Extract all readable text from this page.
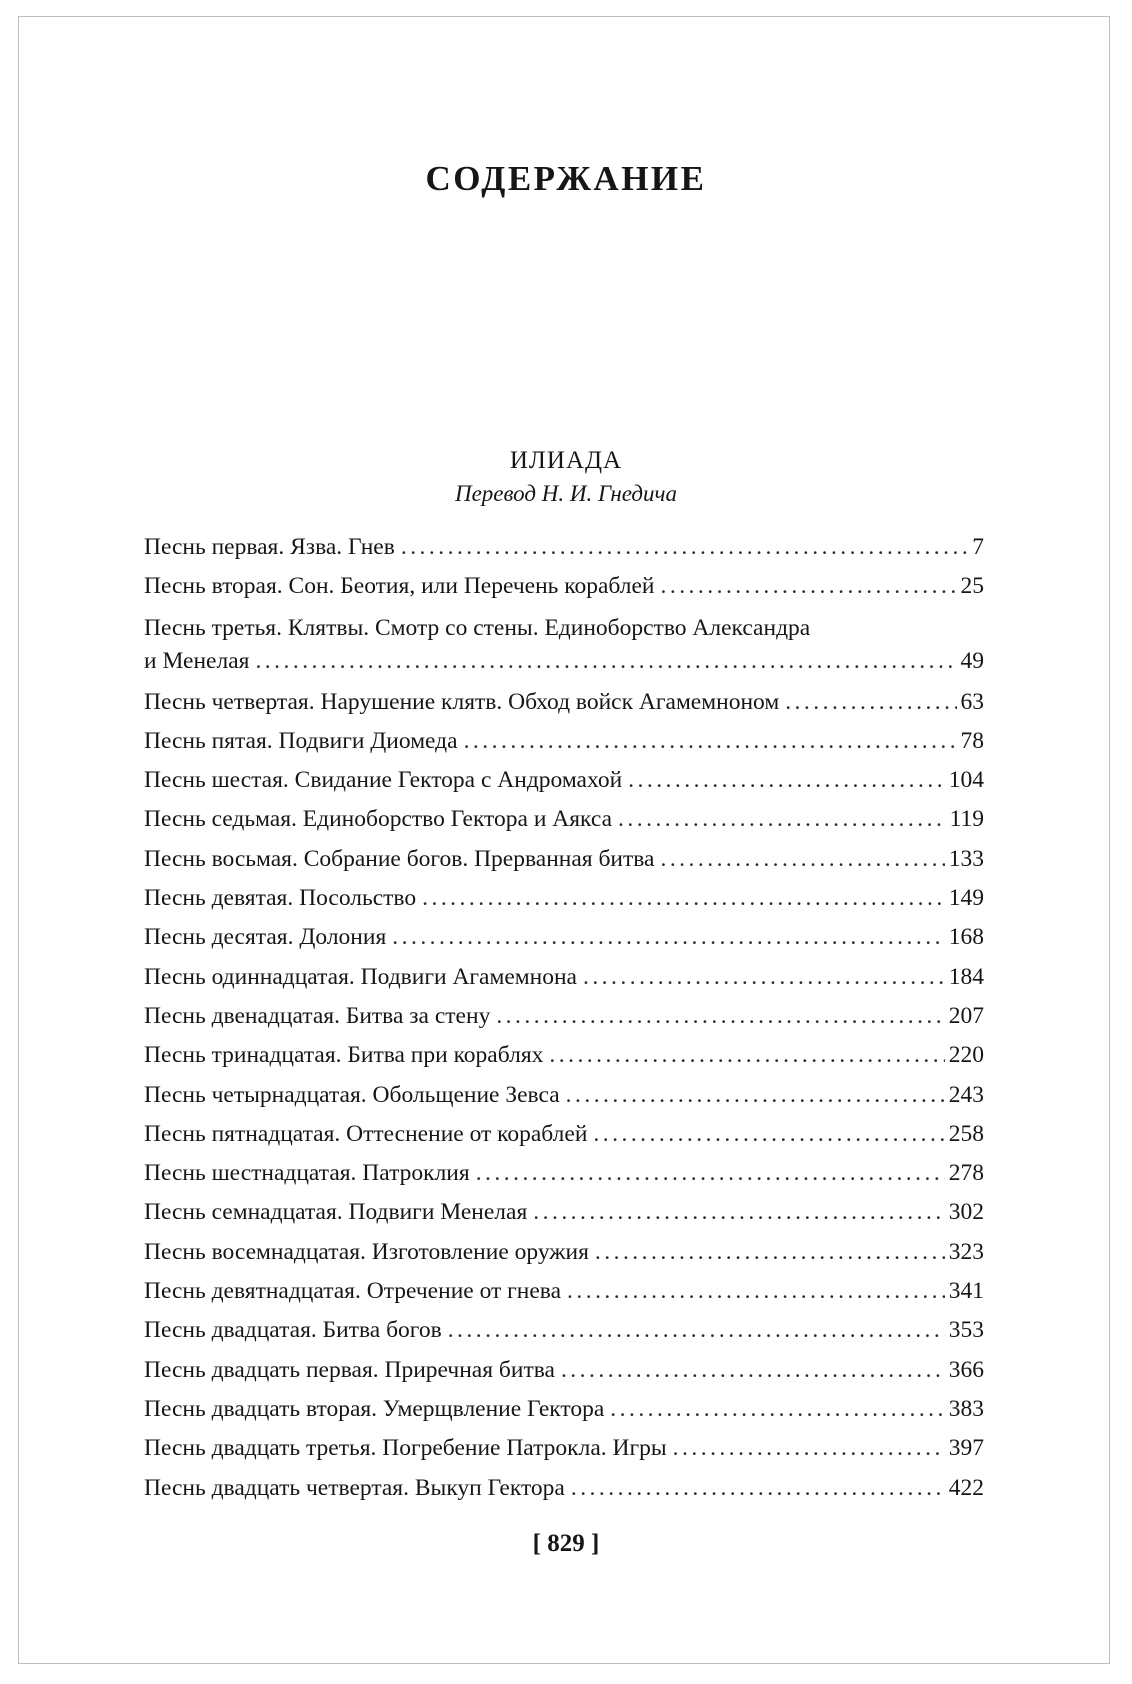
СОДЕРЖАНИЕ
ИЛИАДА
Перевод Н. И. Гнедича
Песнь первая. Язва. Гнев . . .	7
Песнь вторая. Сон. Беотия, или Перечень кораблей . . .	25
Песнь третья. Клятвы. Смотр со стены. Единоборство Александра
и Менелая . . .	49
Песнь четвертая. Нарушение клятв. Обход войск Агамемноном . . .	63
Песнь пятая. Подвиги Диомеда . . .	78
Песнь шестая. Свидание Гектора с Андромахой . . .	104
Песнь седьмая. Единоборство Гектора и Аякса . . .	119
Песнь восьмая. Собрание богов. Прерванная битва . . .	133
Песнь девятая. Посольство . . .	149
Песнь десятая. Долония . . .	168
Песнь одиннадцатая. Подвиги Агамемнона . . .	184
Песнь двенадцатая. Битва за стену . . .	207
Песнь тринадцатая. Битва при кораблях . . .	220
Песнь четырнадцатая. Обольщение Зевса . . .	243
Песнь пятнадцатая. Оттеснение от кораблей . . .	258
Песнь шестнадцатая. Патроклия . . .	278
Песнь семнадцатая. Подвиги Менелая . . .	302
Песнь восемнадцатая. Изготовление оружия . . .	323
Песнь девятнадцатая. Отречение от гнева . . .	341
Песнь двадцатая. Битва богов . . .	353
Песнь двадцать первая. Приречная битва . . .	366
Песнь двадцать вторая. Умерщвление Гектора . . .	383
Песнь двадцать третья. Погребение Патрокла. Игры . . .	397
Песнь двадцать четвертая. Выкуп Гектора . . .	422
[ 829 ]
